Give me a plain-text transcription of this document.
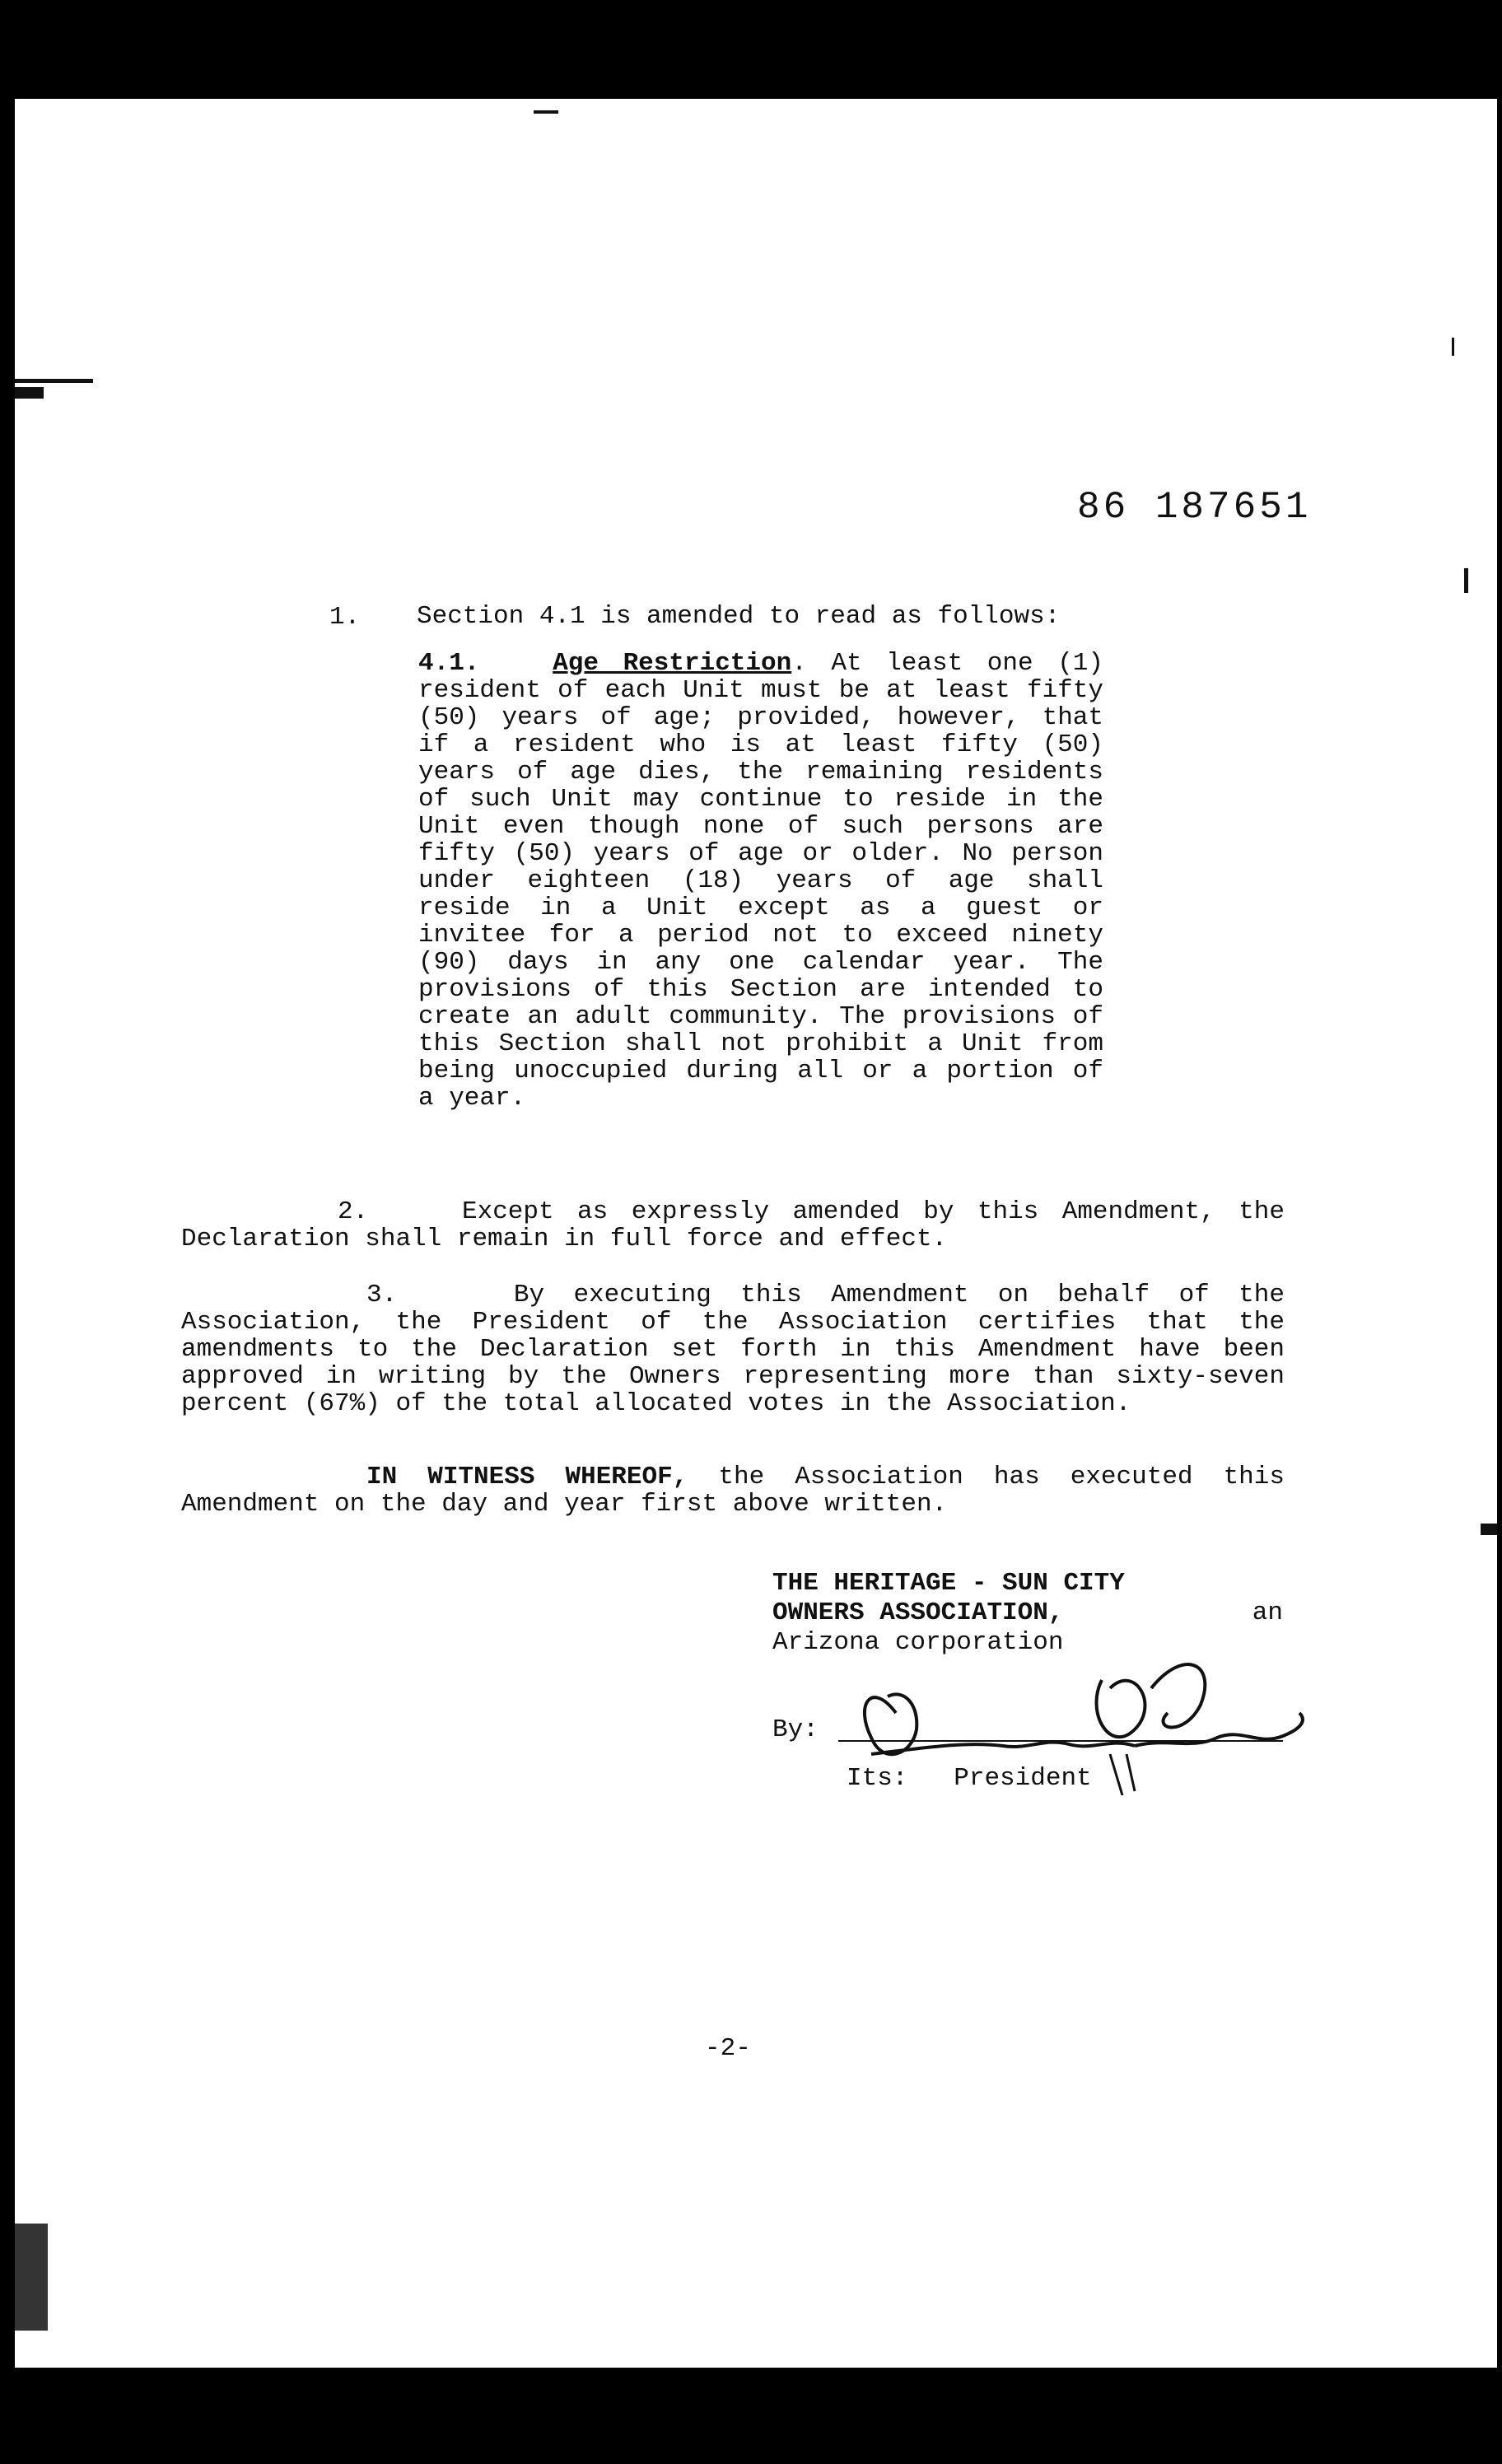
86 187651
1. Section 4.1 is amended to read as follows:

4.1.	Age Restriction. At least one (1) resident of each Unit must be at least fifty (50) years of age; provided, however, that if a resident who is at least fifty (50) years of age dies, the remaining residents of such Unit may continue to reside in the Unit even though none of such persons are fifty (50) years of age or older. No person under eighteen (18) years of age shall reside in a Unit except as a guest or invitee for a period not to exceed ninety (90) days in any one calendar year. The provisions of this Section are intended to create an adult community. The provisions of this Section shall not prohibit a Unit from being unoccupied during all or a portion of a year.

2.	Except as expressly amended by this Amendment, the Declaration shall remain in full force and effect.

3.	By executing this Amendment on behalf of the Association, the President of the Association certifies that the amendments to the Declaration set forth in this Amendment have been approved in writing by the Owners representing more than sixty-seven percent (67%) of the total allocated votes in the Association.

IN WITNESS WHEREOF, the Association has executed this Amendment on the day and year first above written.

THE HERITAGE - SUN CITY
OWNERS ASSOCIATION,	an
Arizona corporation
By:
Its: President
-2-
